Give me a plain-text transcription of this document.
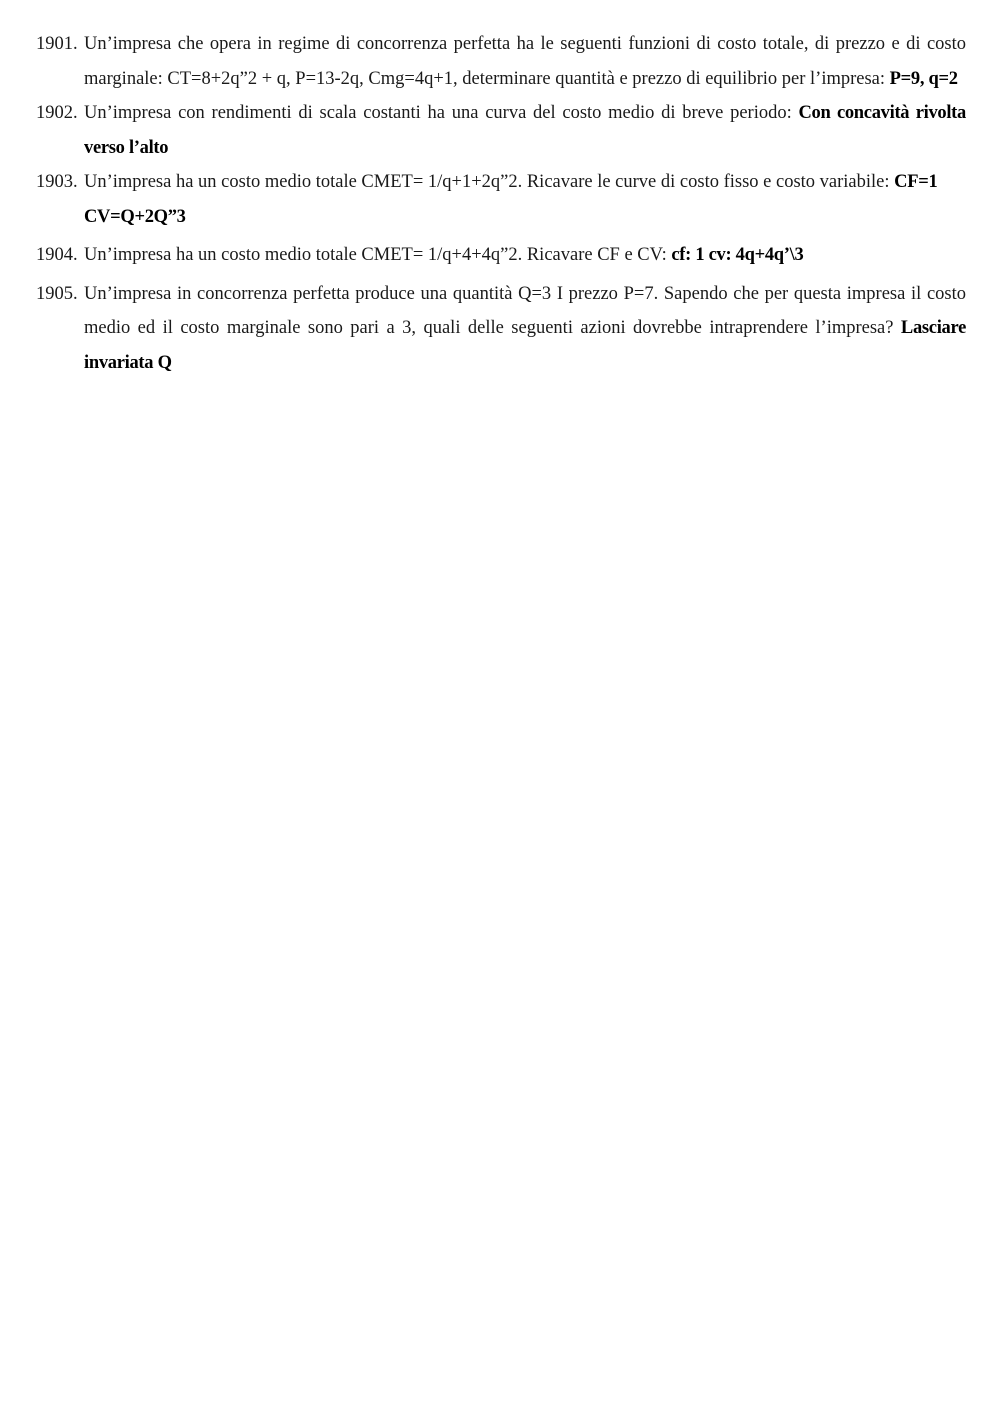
1901. Un’impresa che opera in regime di concorrenza perfetta ha le seguenti funzioni di costo totale, di prezzo e di costo marginale: CT=8+2q”2 + q, P=13-2q, Cmg=4q+1, determinare quantità e prezzo di equilibrio per l’impresa: P=9, q=2
1902. Un’impresa con rendimenti di scala costanti ha una curva del costo medio di breve periodo: Con concavità rivolta verso l’alto
1903. Un’impresa ha un costo medio totale CMET= 1/q+1+2q”2. Ricavare le curve di costo fisso e costo variabile: CF=1 CV=Q+2Q”3
1904. Un’impresa ha un costo medio totale CMET= 1/q+4+4q”2. Ricavare CF e CV: cf: 1 cv: 4q+4q’\3
1905. Un’impresa in concorrenza perfetta produce una quantità Q=3 I prezzo P=7. Sapendo che per questa impresa il costo medio ed il costo marginale sono pari a 3, quali delle seguenti azioni dovrebbe intraprendere l’impresa? Lasciare invariata Q
